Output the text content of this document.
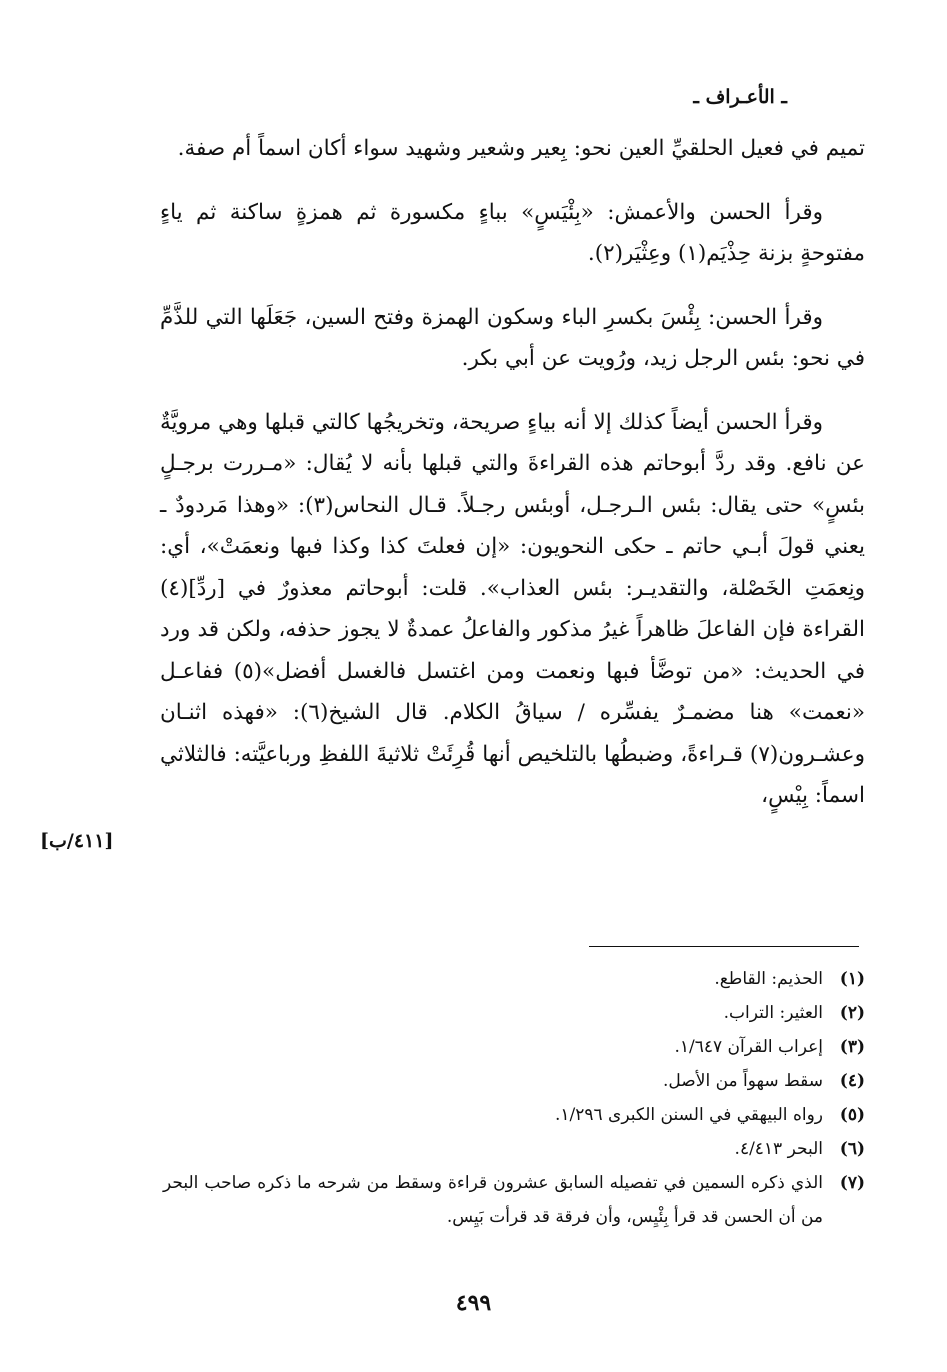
ـ الأعـراف ـ

تميم في فعيل الحلقيِّ العين نحو: بِعير وشعير وشهيد سواء أكان اسماً أم صفة.

وقرأ الحسن والأعمش: «بِئْيَسٍ» بباءٍ مكسورة ثم همزةٍ ساكنة ثم ياءٍ مفتوحةٍ بزنة حِذْيَم(١) وعِثْيَر(٢).

وقرأ الحسن: بِئْسَ بكسرِ الباء وسكون الهمزة وفتح السين، جَعَلَها التي للذَّمِّ في نحو: بئس الرجل زيد، ورُويت عن أبي بكر.

وقرأ الحسن أيضاً كذلك إلا أنه بياءٍ صريحة، وتخريجُها كالتي قبلها وهي مرويَّةٌ عن نافع. وقد ردَّ أبوحاتم هذه القراءةَ والتي قبلها بأنه لا يُقال: «مـررت برجـلٍ بئسٍ» حتى يقال: بئس الـرجـل، أوبئس رجـلاً. قـال النحاس(٣): «وهذا مَردودٌ ـ يعني قولَ أبـي حاتم ـ حكى النحويون: «إن فعلتَ كذا وكذا فبها ونعمَتْ»، أي: ونِعمَتِ الخَصْلة، والتقديـر: بئس العذاب». قلت: أبوحاتم معذورٌ في [ردِّ](٤) القراءة فإن الفاعلَ ظاهراً غيرُ مذكور والفاعلُ عمدةٌ لا يجوز حذفه، ولكن قد ورد في الحديث: «من توضَّأ فبها ونعمت ومن اغتسل فالغسل أفضل»(٥) ففاعـل «نعمت» هنا مضمـرٌ يفسِّره / سياقُ الكلام. قال الشيخ(٦): «فهذه اثنـان وعشـرون(٧) قـراءةً، وضبطُها بالتلخيص أنها قُرِئَتْ ثلاثيةَ اللفظِ ورباعيَّته: فالثلاثي اسماً: بِيْسٍ،

[٤١١/ب]
(١)الحذيم: القاطع.
(٢)العثير: التراب.
(٣)إعراب القرآن ١/٦٤٧.
(٤)سقط سهواً من الأصل.
(٥)رواه البيهقي في السنن الكبرى ١/٢٩٦.
(٦)البحر ٤/٤١٣.
(٧)الذي ذكره السمين في تفصيله السابق عشرون قراءة وسقط من شرحه ما ذكره صاحب البحر من أن الحسن قد قرأ بِئْيِس، وأن فرقة قد قرأت بَيِس.
٤٩٩
